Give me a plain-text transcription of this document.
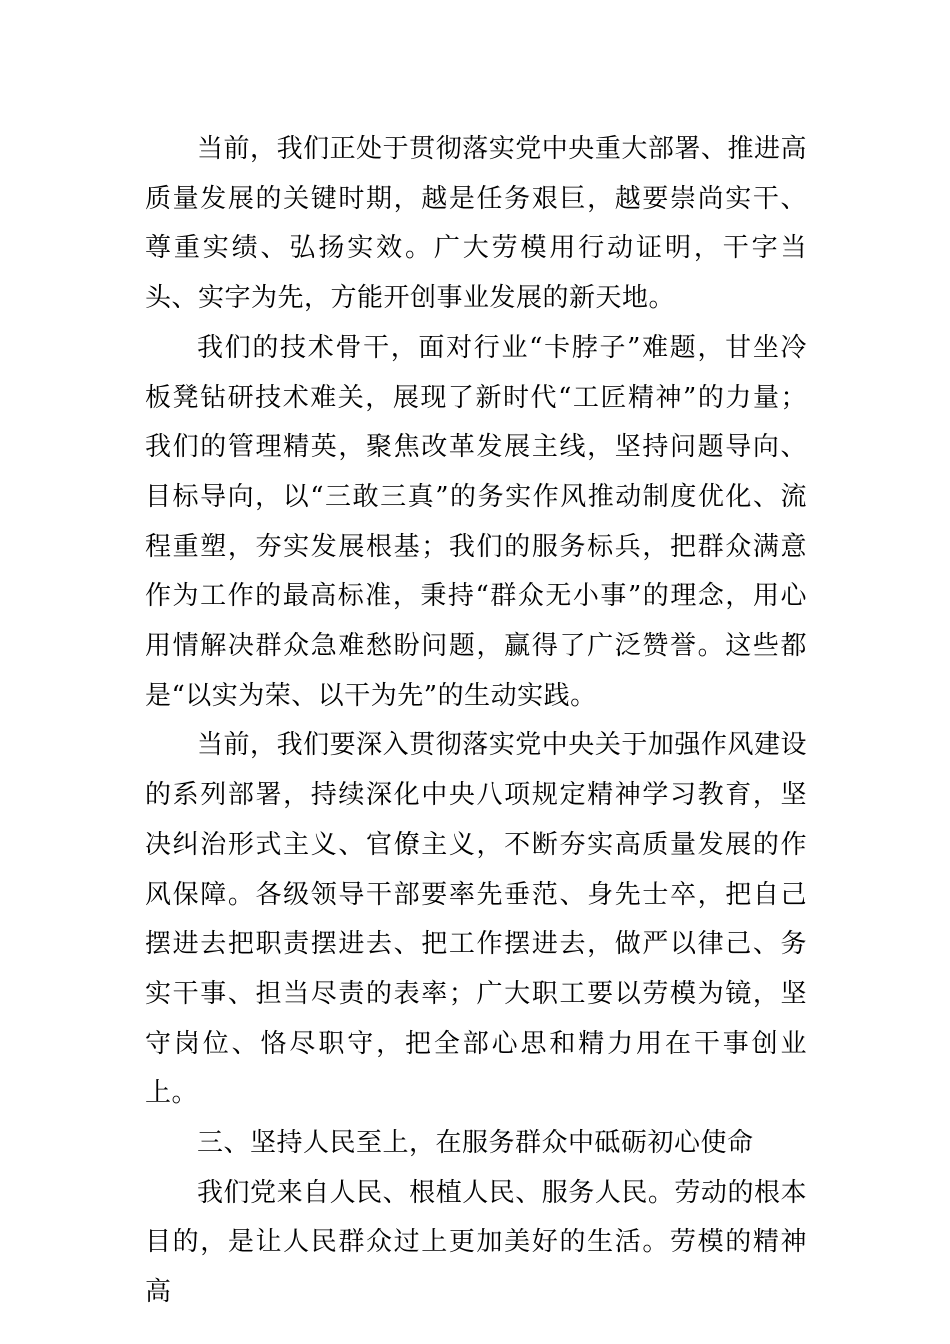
当前，我们正处于贯彻落实党中央重大部署、推进高质量发展的关键时期，越是任务艰巨，越要崇尚实干、尊重实绩、弘扬实效。广大劳模用行动证明，干字当头、实字为先，方能开创事业发展的新天地。

我们的技术骨干，面对行业“卡脖子”难题，甘坐冷板凳钻研技术难关，展现了新时代“工匠精神”的力量；我们的管理精英，聚焦改革发展主线，坚持问题导向、目标导向，以“三敢三真”的务实作风推动制度优化、流程重塑，夯实发展根基；我们的服务标兵，把群众满意作为工作的最高标准，秉持“群众无小事”的理念，用心用情解决群众急难愁盼问题，赢得了广泛赞誉。这些都是“以实为荣、以干为先”的生动实践。

当前，我们要深入贯彻落实党中央关于加强作风建设的系列部署，持续深化中央八项规定精神学习教育，坚决纠治形式主义、官僚主义，不断夯实高质量发展的作风保障。各级领导干部要率先垂范、身先士卒，把自己摆进去把职责摆进去、把工作摆进去，做严以律己、务实干事、担当尽责的表率；广大职工要以劳模为镜，坚守岗位、恪尽职守，把全部心思和精力用在干事创业上。

三、坚持人民至上，在服务群众中砥砺初心使命

我们党来自人民、根植人民、服务人民。劳动的根本目的，是让人民群众过上更加美好的生活。劳模的精神高
